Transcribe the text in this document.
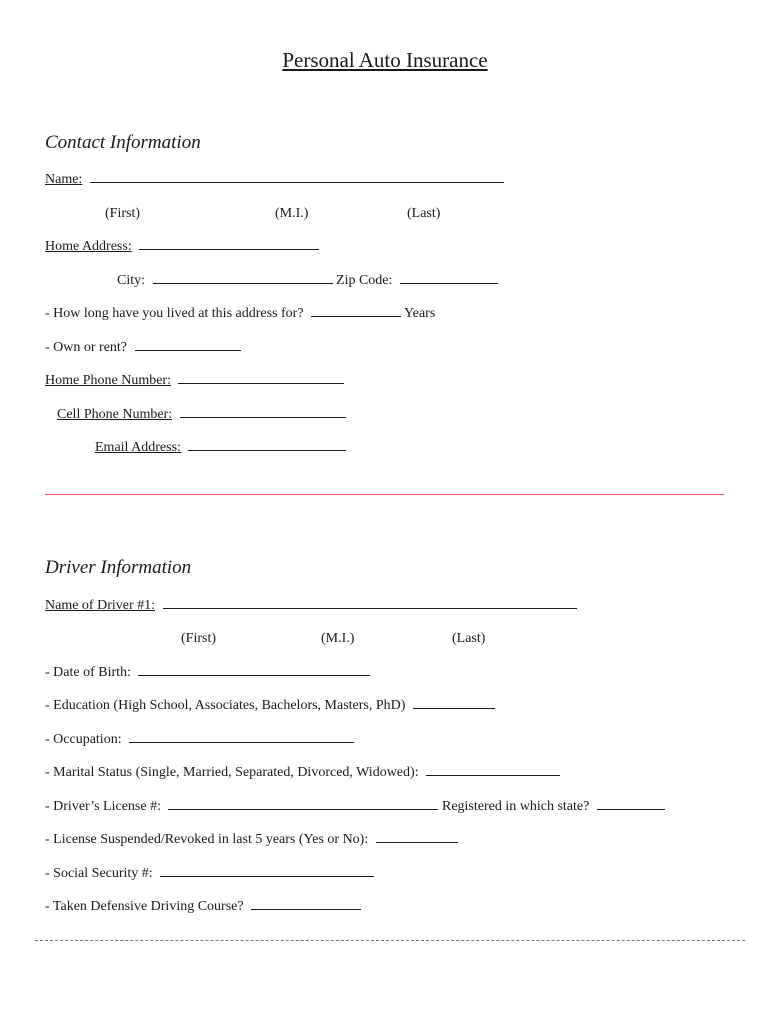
Personal Auto Insurance
Contact Information
Name:
(First)	(M.I.)	(Last)
Home Address:
City:	Zip Code:
- How long have you lived at this address for?	Years
- Own or rent?
Home Phone Number:
Cell Phone Number:
Email Address:
Driver Information
Name of Driver #1:
(First)	(M.I.)	(Last)
- Date of Birth:
- Education (High School, Associates, Bachelors, Masters, PhD)
- Occupation:
- Marital Status (Single, Married, Separated, Divorced, Widowed):
- Driver’s License #:	Registered in which state?
- License Suspended/Revoked in last 5 years (Yes or No):
- Social Security #:
- Taken Defensive Driving Course?
